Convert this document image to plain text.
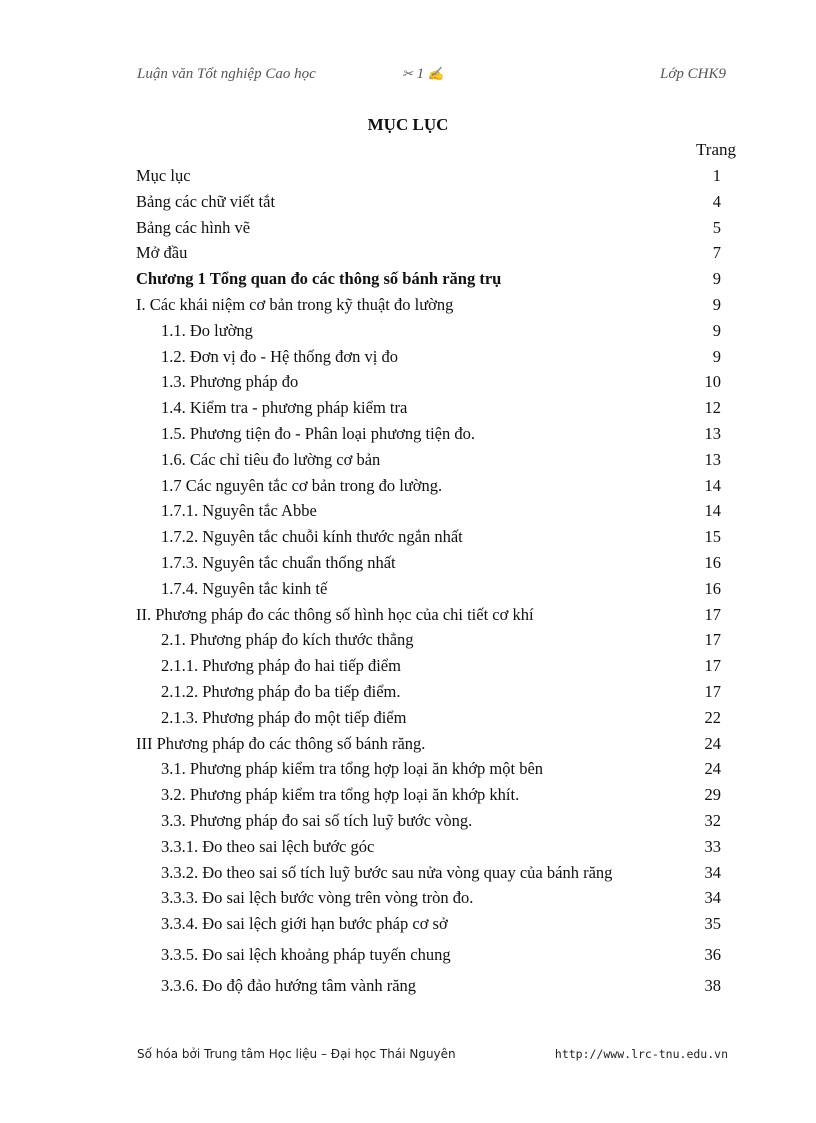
Luận văn Tốt nghiệp Cao học	✂ 1 ✍	Lớp CHK9
MỤC LỤC
Trang
Mục lục	1
Bảng các chữ viết tắt	4
Bảng các hình vẽ	5
Mở đầu	7
Chương 1 Tổng quan đo các thông số bánh răng trụ	9
I. Các khái niệm cơ bản trong kỹ thuật đo lường	9
1.1. Đo lường	9
1.2. Đơn vị đo - Hệ thống đơn vị đo	9
1.3. Phương pháp đo	10
1.4. Kiểm tra - phương pháp kiểm tra	12
1.5. Phương tiện đo - Phân loại phương tiện đo.	13
1.6. Các chỉ tiêu đo lường cơ bản	13
1.7 Các nguyên tắc cơ bản trong đo lường.	14
1.7.1. Nguyên tắc Abbe	14
1.7.2. Nguyên tắc chuỗi kính thước ngắn nhất	15
1.7.3. Nguyên tắc chuẩn thống nhất	16
1.7.4. Nguyên tắc kinh tế	16
II. Phương pháp đo các thông số hình học của chi tiết cơ khí	17
2.1. Phương pháp đo kích thước thẳng	17
2.1.1. Phương pháp đo hai tiếp điểm	17
2.1.2. Phương pháp đo ba tiếp điểm.	17
2.1.3. Phương pháp đo một tiếp điểm	22
III Phương pháp đo các thông số bánh răng.	24
3.1. Phương pháp kiểm tra tổng hợp loại ăn khớp một bên	24
3.2. Phương pháp kiểm tra tổng hợp loại ăn khớp khít.	29
3.3. Phương pháp đo sai số tích luỹ bước vòng.	32
3.3.1. Đo theo sai lệch bước góc	33
3.3.2. Đo theo sai số tích luỹ bước sau nửa vòng quay của bánh răng	34
3.3.3. Đo sai lệch bước vòng trên vòng tròn đo.	34
3.3.4. Đo sai lệch giới hạn bước pháp cơ sở	35
3.3.5. Đo sai lệch khoảng pháp tuyến chung	36
3.3.6. Đo độ đảo hướng tâm vành răng	38
Số hóa bởi Trung tâm Học liệu – Đại học Thái Nguyên	http://www.lrc-tnu.edu.vn
